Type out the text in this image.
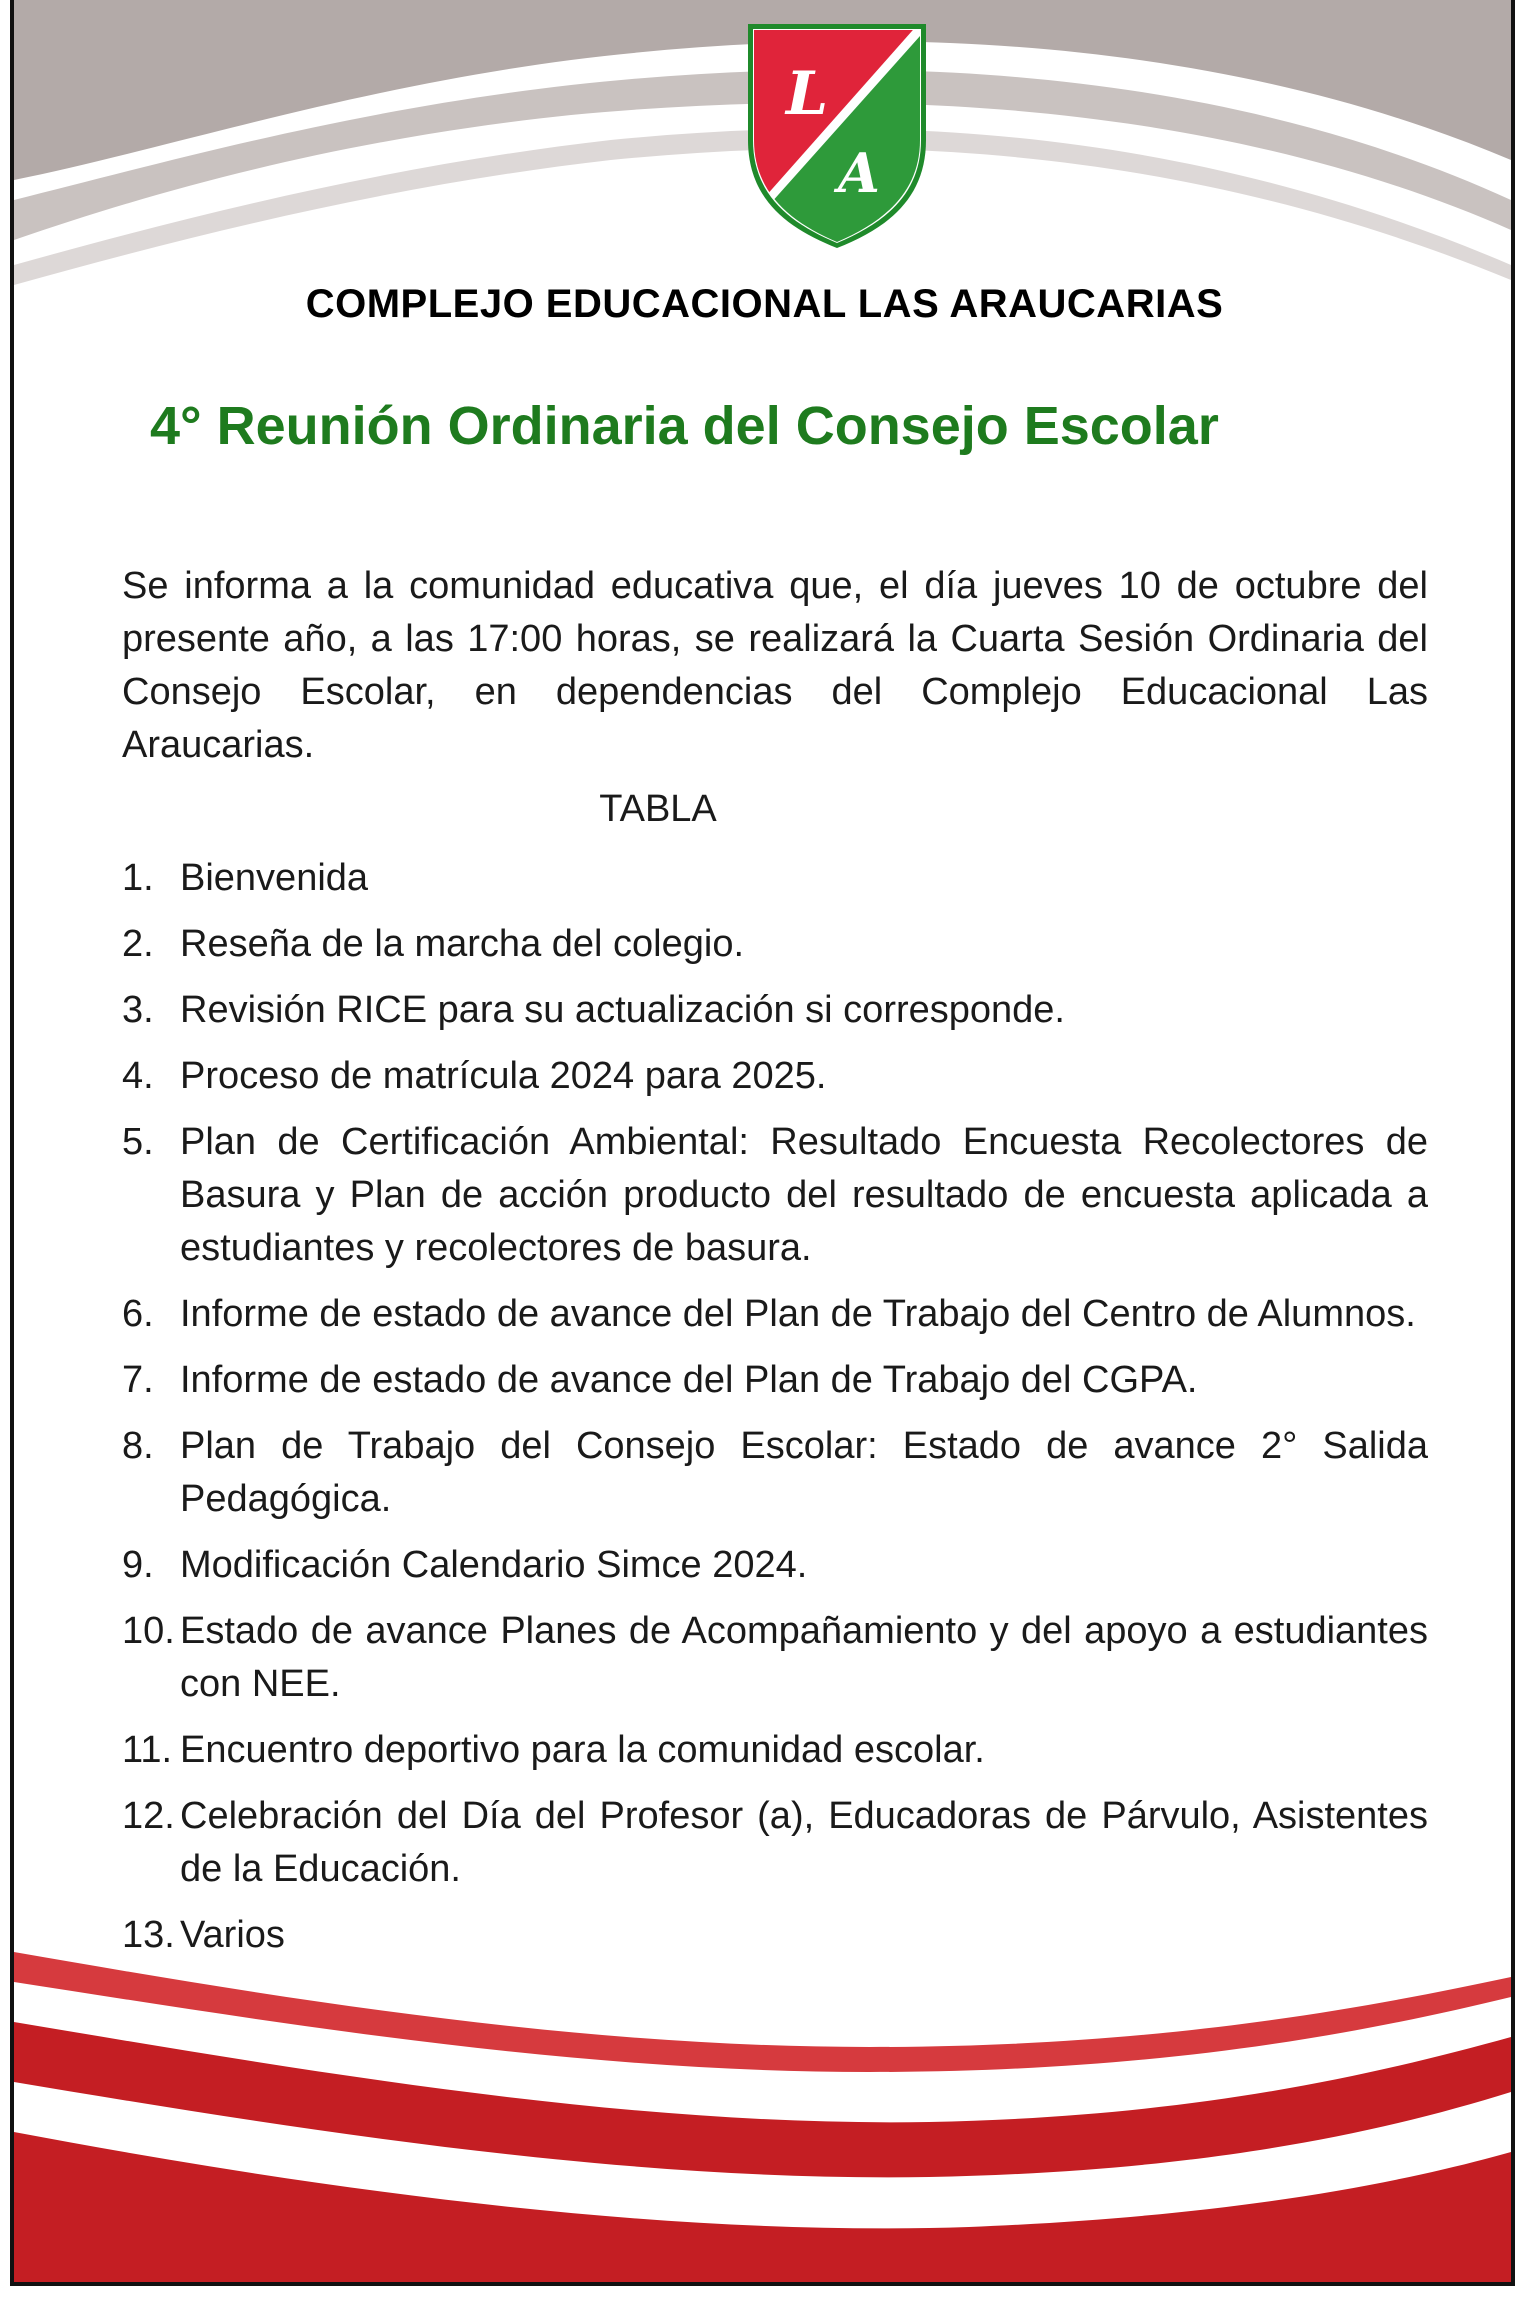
L
A
COMPLEJO EDUCACIONAL LAS ARAUCARIAS
4° Reunión Ordinaria del Consejo Escolar

Se informa a la comunidad educativa que, el día jueves 10 de octubre del presente año, a las 17:00 horas, se realizará la Cuarta Sesión Ordinaria del Consejo Escolar, en dependencias del Complejo Educacional Las Araucarias.

TABLA
1. Bienvenida
2. Reseña de la marcha del colegio.
3. Revisión RICE para su actualización si corresponde.
4. Proceso de matrícula 2024 para 2025.
5. Plan de Certificación Ambiental: Resultado Encuesta Recolectores de Basura y Plan de acción producto del resultado de encuesta aplicada a estudiantes y recolectores de basura.
6. Informe de estado de avance del Plan de Trabajo del Centro de Alumnos.
7. Informe de estado de avance del Plan de Trabajo del CGPA.
8. Plan de Trabajo del Consejo Escolar: Estado de avance 2° Salida Pedagógica.
9. Modificación Calendario Simce 2024.
10. Estado de avance Planes de Acompañamiento y del apoyo a estudiantes con NEE.
11. Encuentro deportivo para la comunidad escolar.
12. Celebración del Día del Profesor (a), Educadoras de Párvulo, Asistentes de la Educación.
13. Varios
